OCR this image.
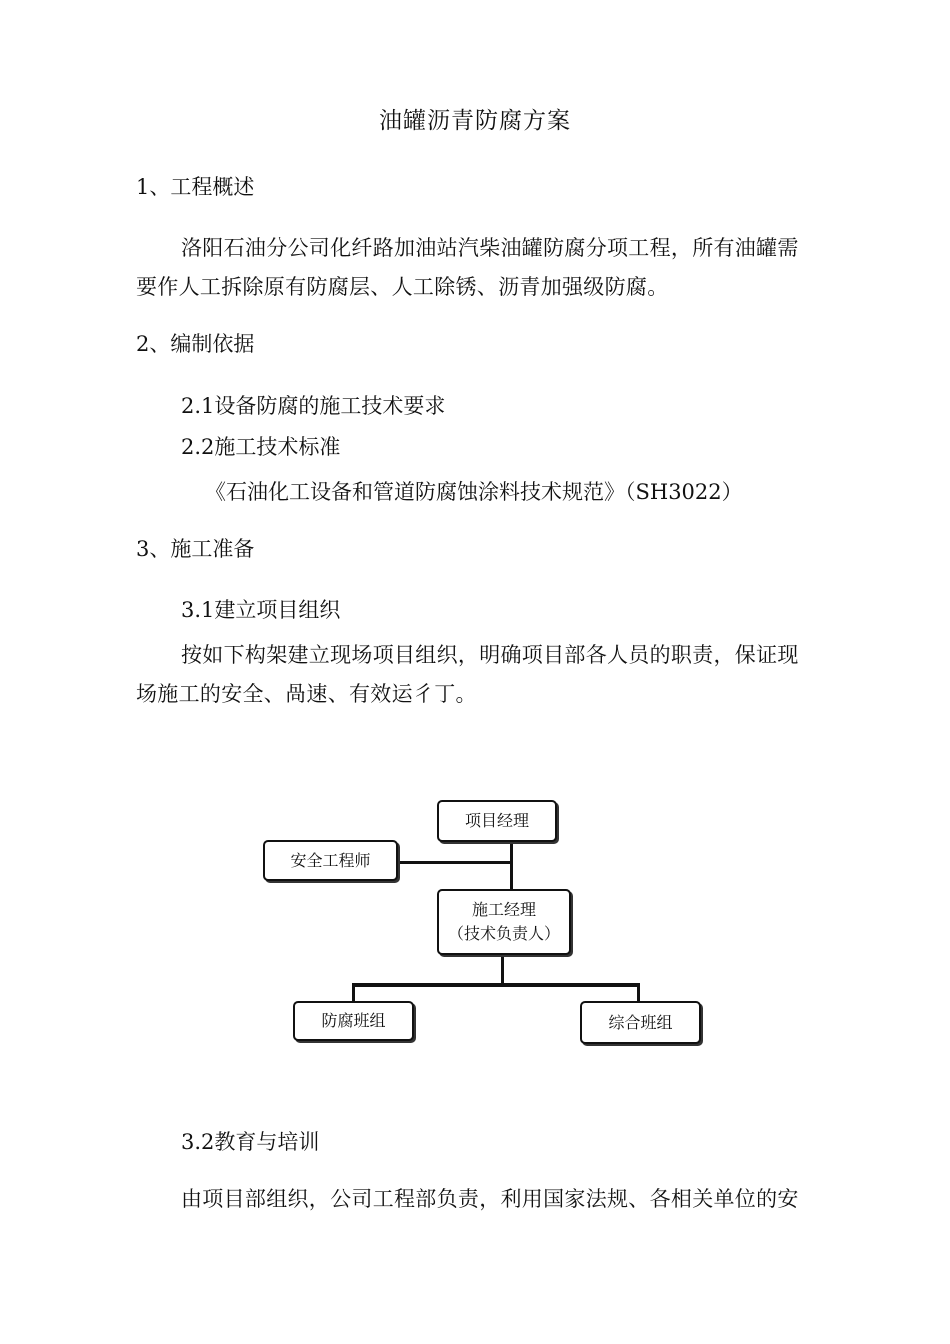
油罐沥青防腐方案
1、工程概述
洛阳石油分公司化纤路加油站汽柴油罐防腐分项工程，所有油罐需
要作人工拆除原有防腐层、人工除锈、沥青加强级防腐。
2、编制依据
2.1设备防腐的施工技术要求
2.2施工技术标准
《石油化工设备和管道防腐蚀涂料技术规范》（SH3022）
3、施工准备
3.1建立项目组织
按如下构架建立现场项目组织，明确项目部各人员的职责，保证现
场施工的安全、咼速、有效运彳丁。
项目经理
安全工程师
施工经理
（技术负责人）
防腐班组	综合班组
3.2教育与培训
由项目部组织，公司工程部负责，利用国家法规、各相关单位的安
